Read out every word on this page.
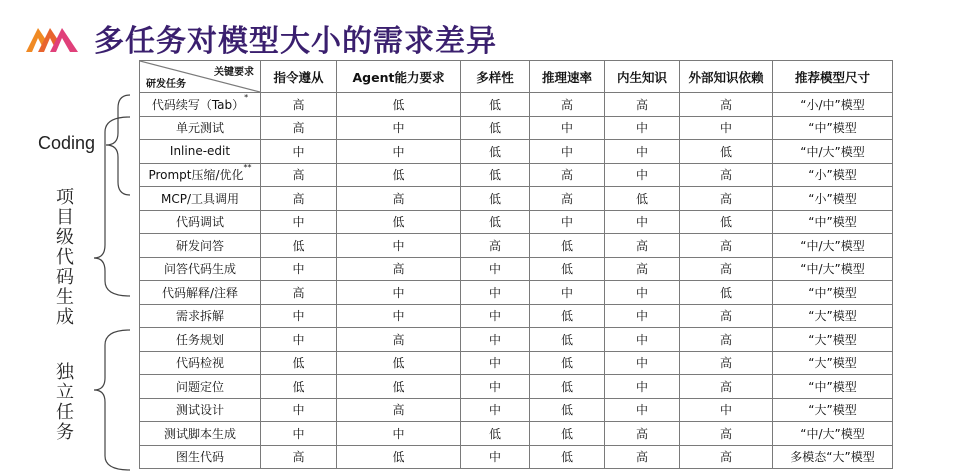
多任务对模型大小的需求差异
Coding
项目级代码生成
独立任务
关键要求
研发任务	指令遵从	Agent能力要求	多样性	推理速率	内生知识	外部知识依赖	推荐模型尺寸
代码续写（Tab）*	高	低	低	高	高	高	“小/中”模型
单元测试	高	中	低	中	中	中	“中”模型
Inline-edit	中	中	低	中	中	低	“中/大”模型
Prompt压缩/优化**	高	低	低	高	中	高	“小”模型
MCP/工具调用	高	高	低	高	低	高	“小”模型
代码调试	中	低	低	中	中	低	“中”模型
研发问答	低	中	高	低	高	高	“中/大”模型
问答代码生成	中	高	中	低	高	高	“中/大”模型
代码解释/注释	高	中	中	中	中	低	“中”模型
需求拆解	中	中	中	低	中	高	“大”模型
任务规划	中	高	中	低	中	高	“大”模型
代码检视	低	低	中	低	中	高	“大”模型
问题定位	低	低	中	低	中	高	“中”模型
测试设计	中	高	中	低	中	中	“大”模型
测试脚本生成	中	中	低	低	高	高	“中/大”模型
图生代码	高	低	中	低	高	高	多模态“大”模型
